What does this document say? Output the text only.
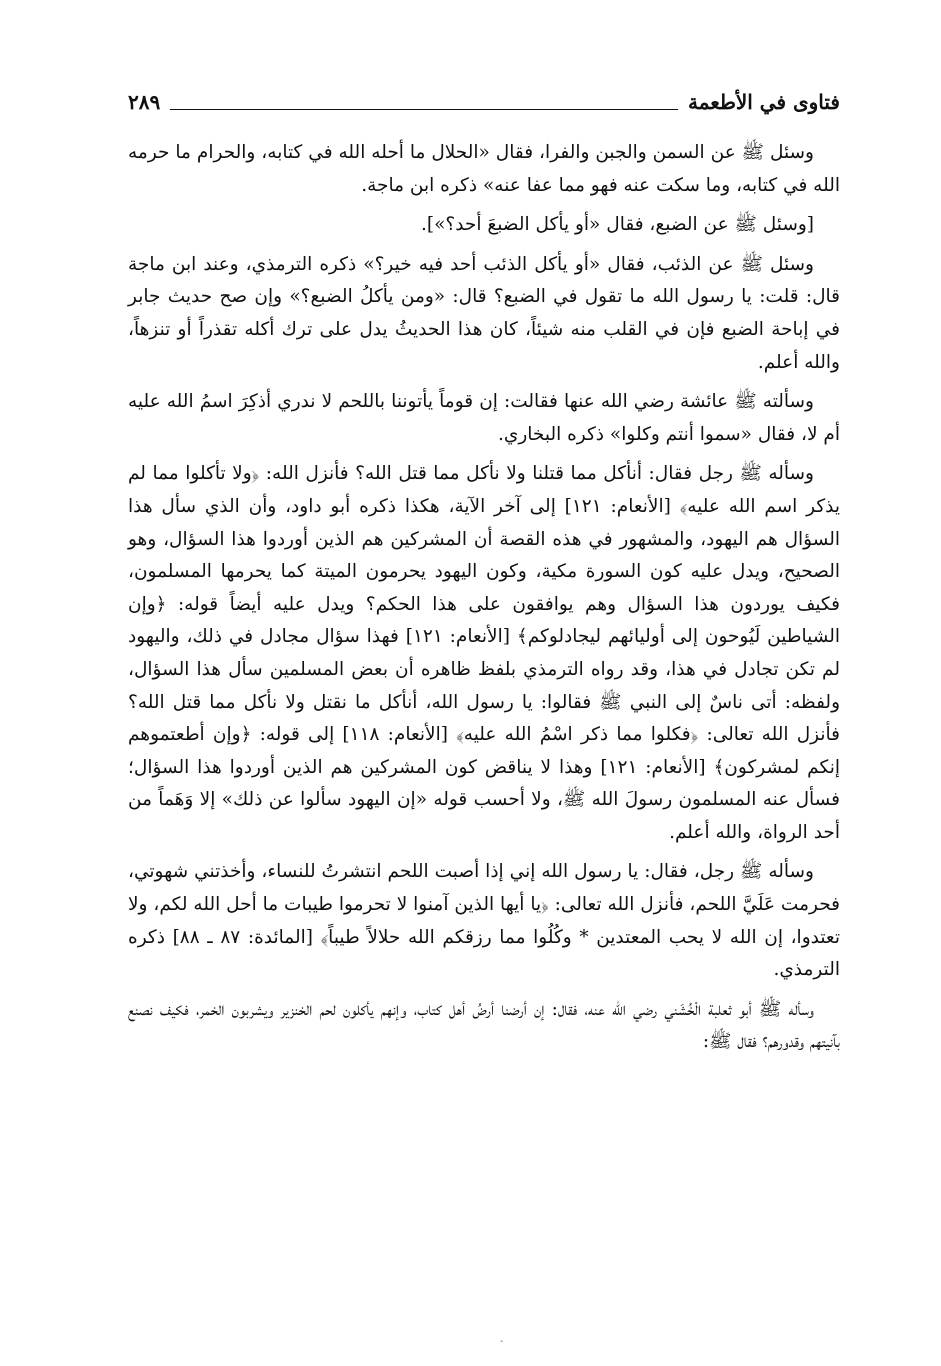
فتاوى في الأطعمة
٢٨٩

وسئل ﷺ عن السمن والجبن والفرا، فقال «الحلال ما أحله الله في كتابه، والحرام ما حرمه الله في كتابه، وما سكت عنه فهو مما عفا عنه» ذكره ابن ماجة.

[وسئل ﷺ عن الضبع، فقال «أو يأكل الضبعَ أحد؟»].

وسئل ﷺ عن الذئب، فقال «أو يأكل الذئب أحد فيه خير؟» ذكره الترمذي، وعند ابن ماجة قال: قلت: يا رسول الله ما تقول في الضبع؟ قال: «ومن يأكلُ الضبع؟» وإن صح حديث جابر في إباحة الضبع فإن في القلب منه شيئاً، كان هذا الحديثُ يدل على ترك أكله تقذراً أو تنزهاً، والله أعلم.

وسألته ﷺ عائشة رضي الله عنها فقالت: إن قوماً يأتوننا باللحم لا ندري أذكِرَ اسمُ الله عليه أم لا، فقال «سموا أنتم وكلوا» ذكره البخاري.

وسأله ﷺ رجل فقال: أنأكل مما قتلنا ولا نأكل مما قتل الله؟ فأنزل الله: ﴿ولا تأكلوا مما لم يذكر اسم الله عليه﴾ [الأنعام: ١٢١] إلى آخر الآية، هكذا ذكره أبو داود، وأن الذي سأل هذا السؤال هم اليهود، والمشهور في هذه القصة أن المشركين هم الذين أوردوا هذا السؤال، وهو الصحيح، ويدل عليه كون السورة مكية، وكون اليهود يحرمون الميتة كما يحرمها المسلمون، فكيف يوردون هذا السؤال وهم يوافقون على هذا الحكم؟ ويدل عليه أيضاً قوله: ﴿وإن الشياطين لَيُوحون إلى أوليائهم ليجادلوكم﴾ [الأنعام: ١٢١] فهذا سؤال مجادل في ذلك، واليهود لم تكن تجادل في هذا، وقد رواه الترمذي بلفظ ظاهره أن بعض المسلمين سأل هذا السؤال، ولفظه: أتى ناسٌ إلى النبي ﷺ فقالوا: يا رسول الله، أنأكل ما نقتل ولا نأكل مما قتل الله؟ فأنزل الله تعالى: ﴿فكلوا مما ذكر اسْمُ الله عليه﴾ [الأنعام: ١١٨] إلى قوله: ﴿وإن أطعتموهم إنكم لمشركون﴾ [الأنعام: ١٢١] وهذا لا يناقض كون المشركين هم الذين أوردوا هذا السؤال؛ فسأل عنه المسلمون رسولَ الله ﷺ، ولا أحسب قوله «إن اليهود سألوا عن ذلك» إلا وَهَماً من أحد الرواة، والله أعلم.

وسأله ﷺ رجل، فقال: يا رسول الله إني إذا أصبت اللحم انتشرتُ للنساء، وأخذتني شهوتي، فحرمت عَلَيَّ اللحم، فأنزل الله تعالى: ﴿يا أيها الذين آمنوا لا تحرموا طيبات ما أحل الله لكم، ولا تعتدوا، إن الله لا يحب المعتدين * وكُلُوا مما رزقكم الله حلالاً طيباً﴾ [المائدة: ٨٧ ـ ٨٨] ذكره الترمذي.

وسأله ﷺ أبو ثعلبة الْخُشَني رضي الله عنه، فقال: إن أرضنا أرضُ أهل كتاب، وإنهم يأكلون لحم الخنزير ويشربون الخمر، فكيف نصنع بآنيتهم وقدورهم؟ فقال ﷺ:

-
